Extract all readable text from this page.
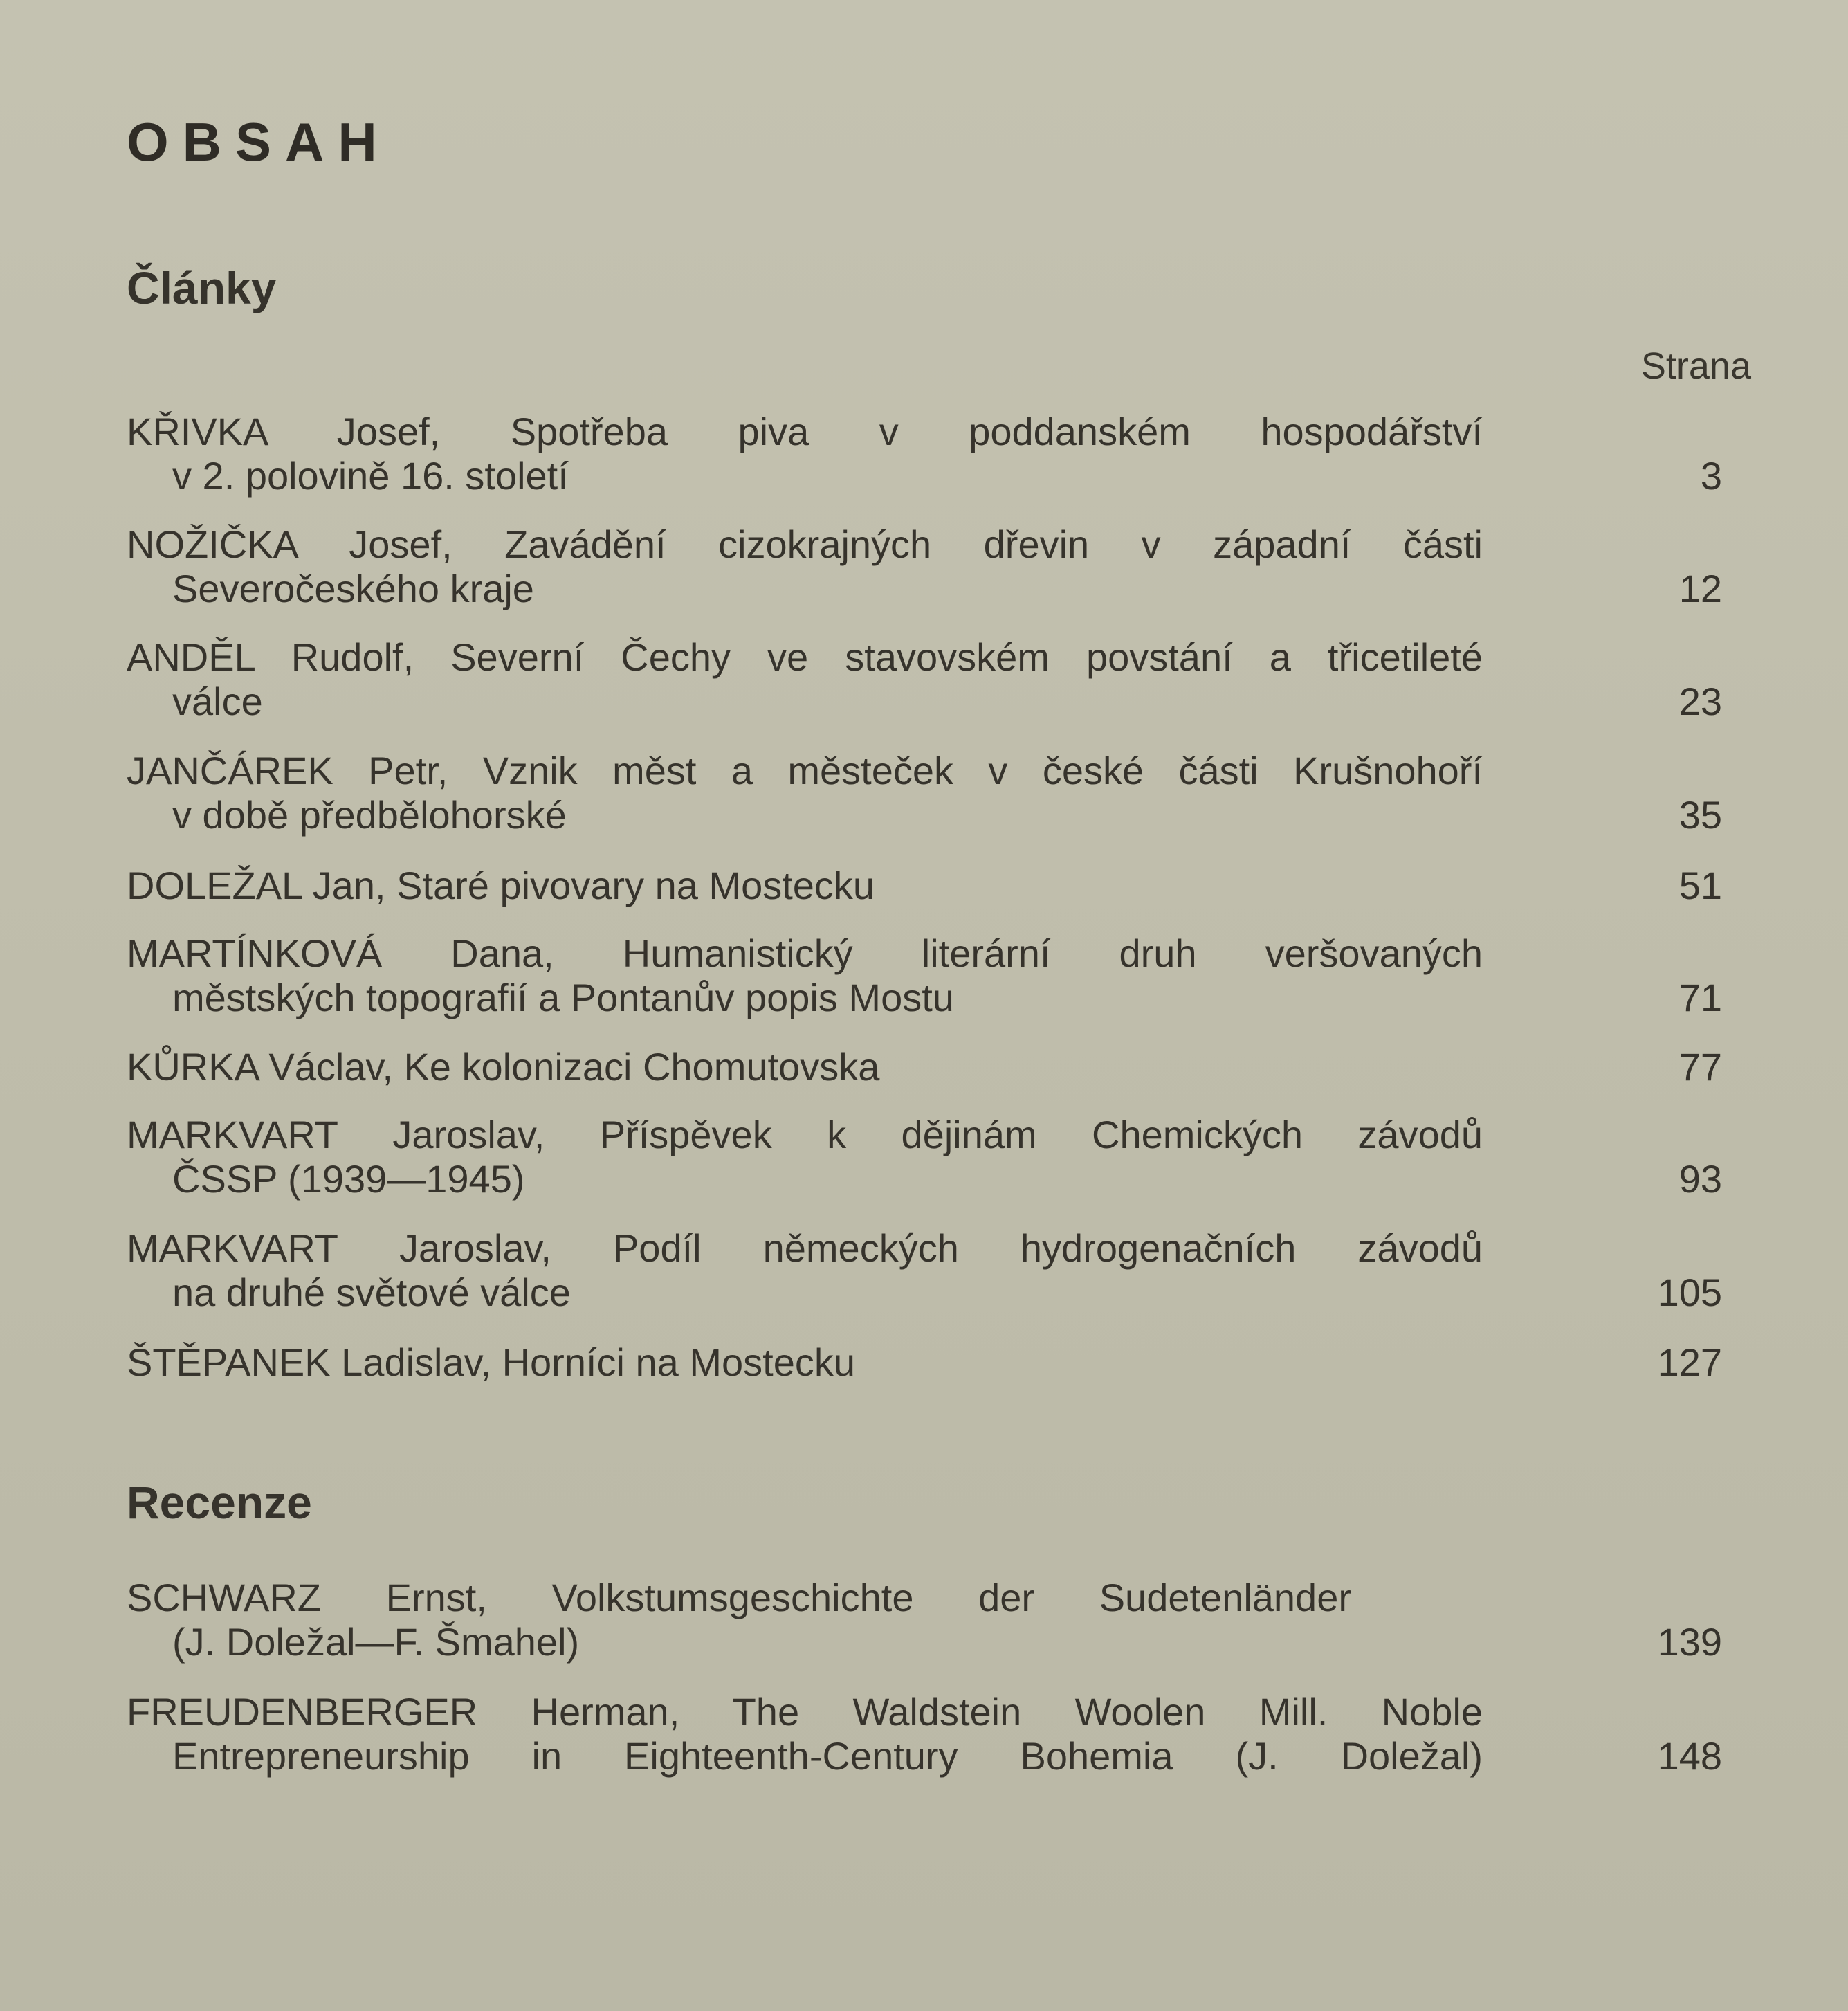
OBSAH
Články
Strana
KŘIVKA Josef, Spotřeba piva v poddanském hospodářství
v 2. polovině 16. století	3
NOŽIČKA Josef, Zavádění cizokrajných dřevin v západní části
Severočeského kraje	12
ANDĚL Rudolf, Severní Čechy ve stavovském povstání a třicetileté
válce	23
JANČÁREK Petr, Vznik měst a městeček v české části Krušnohoří
v době předbělohorské	35
DOLEŽAL Jan, Staré pivovary na Mostecku	51
MARTÍNKOVÁ Dana, Humanistický literární druh veršovaných
městských topografií a Pontanův popis Mostu	71
KŮRKA Václav, Ke kolonizaci Chomutovska	77
MARKVART Jaroslav, Příspěvek k dějinám Chemických závodů
ČSSP (1939—1945)	93
MARKVART Jaroslav, Podíl německých hydrogenačních závodů
na druhé světové válce	105
ŠTĚPANEK Ladislav, Horníci na Mostecku	127
Recenze
SCHWARZ Ernst, Volkstumsgeschichte der Sudetenländer
(J. Doležal—F. Šmahel)	139
FREUDENBERGER Herman, The Waldstein Woolen Mill. Noble
Entrepreneurship in Eighteenth-Century Bohemia (J. Doležal)	148
